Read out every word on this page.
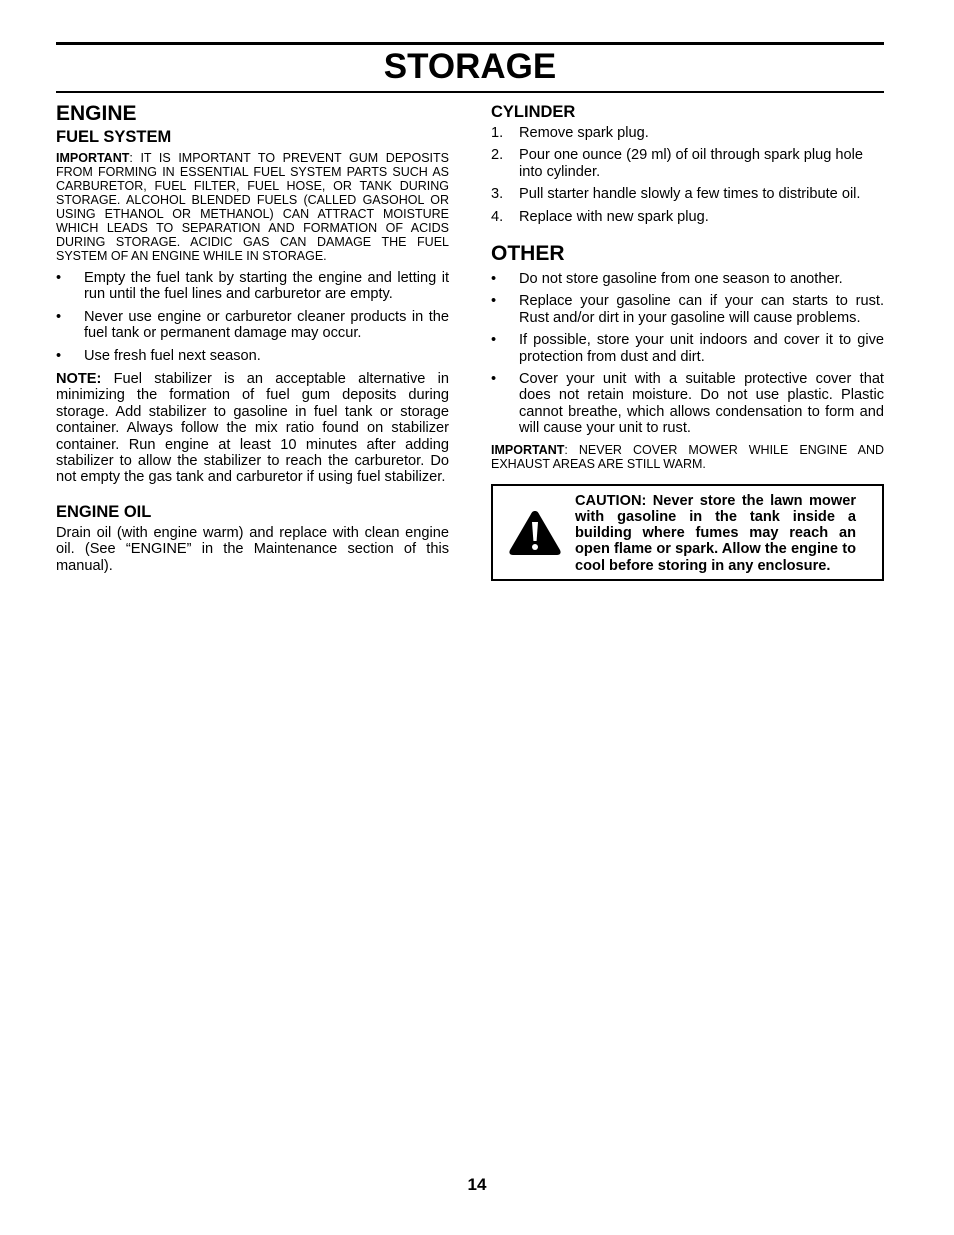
STORAGE
ENGINE
FUEL SYSTEM

IMPORTANT: IT IS IMPORTANT TO PREVENT GUM DEPOSITS FROM FORMING IN ESSENTIAL FUEL SYSTEM PARTS SUCH AS CARBURETOR, FUEL FILTER, FUEL HOSE, OR TANK DURING STORAGE. ALCOHOL BLENDED FUELS (CALLED GASOHOL OR USING ETHANOL OR METHANOL) CAN ATTRACT MOISTURE WHICH LEADS TO SEPARATION AND FORMATION OF ACIDS DURING STORAGE. ACIDIC GAS CAN DAMAGE THE FUEL SYSTEM OF AN ENGINE WHILE IN STORAGE.

• Empty the fuel tank by starting the engine and letting it run until the fuel lines and carburetor are empty.
• Never use engine or carburetor cleaner products in the fuel tank or permanent damage may occur.
• Use fresh fuel next season.

NOTE: Fuel stabilizer is an acceptable alternative in minimizing the formation of fuel gum deposits during storage. Add stabilizer to gasoline in fuel tank or storage container. Always follow the mix ratio found on stabilizer container. Run engine at least 10 minutes after adding stabilizer to allow the stabilizer to reach the carburetor. Do not empty the gas tank and carburetor if using fuel stabilizer.

ENGINE OIL

Drain oil (with engine warm) and replace with clean engine oil. (See “ENGINE” in the Maintenance section of this manual).

CYLINDER
1. Remove spark plug.
2. Pour one ounce (29 ml) of oil through spark plug hole into cylinder.
3. Pull starter handle slowly a few times to distribute oil.
4. Replace with new spark plug.
OTHER
• Do not store gasoline from one season to another.
• Replace your gasoline can if your can starts to rust. Rust and/or dirt in your gasoline will cause problems.
• If possible, store your unit indoors and cover it to give protection from dust and dirt.
• Cover your unit with a suitable protective cover that does not retain moisture. Do not use plastic. Plastic cannot breathe, which allows condensation to form and will cause your unit to rust.

IMPORTANT: NEVER COVER MOWER WHILE ENGINE AND EXHAUST AREAS ARE STILL WARM.

CAUTION: Never store the lawn mower with gasoline in the tank inside a building where fumes may reach an open flame or spark. Allow the engine to cool before storing in any enclosure.

14
